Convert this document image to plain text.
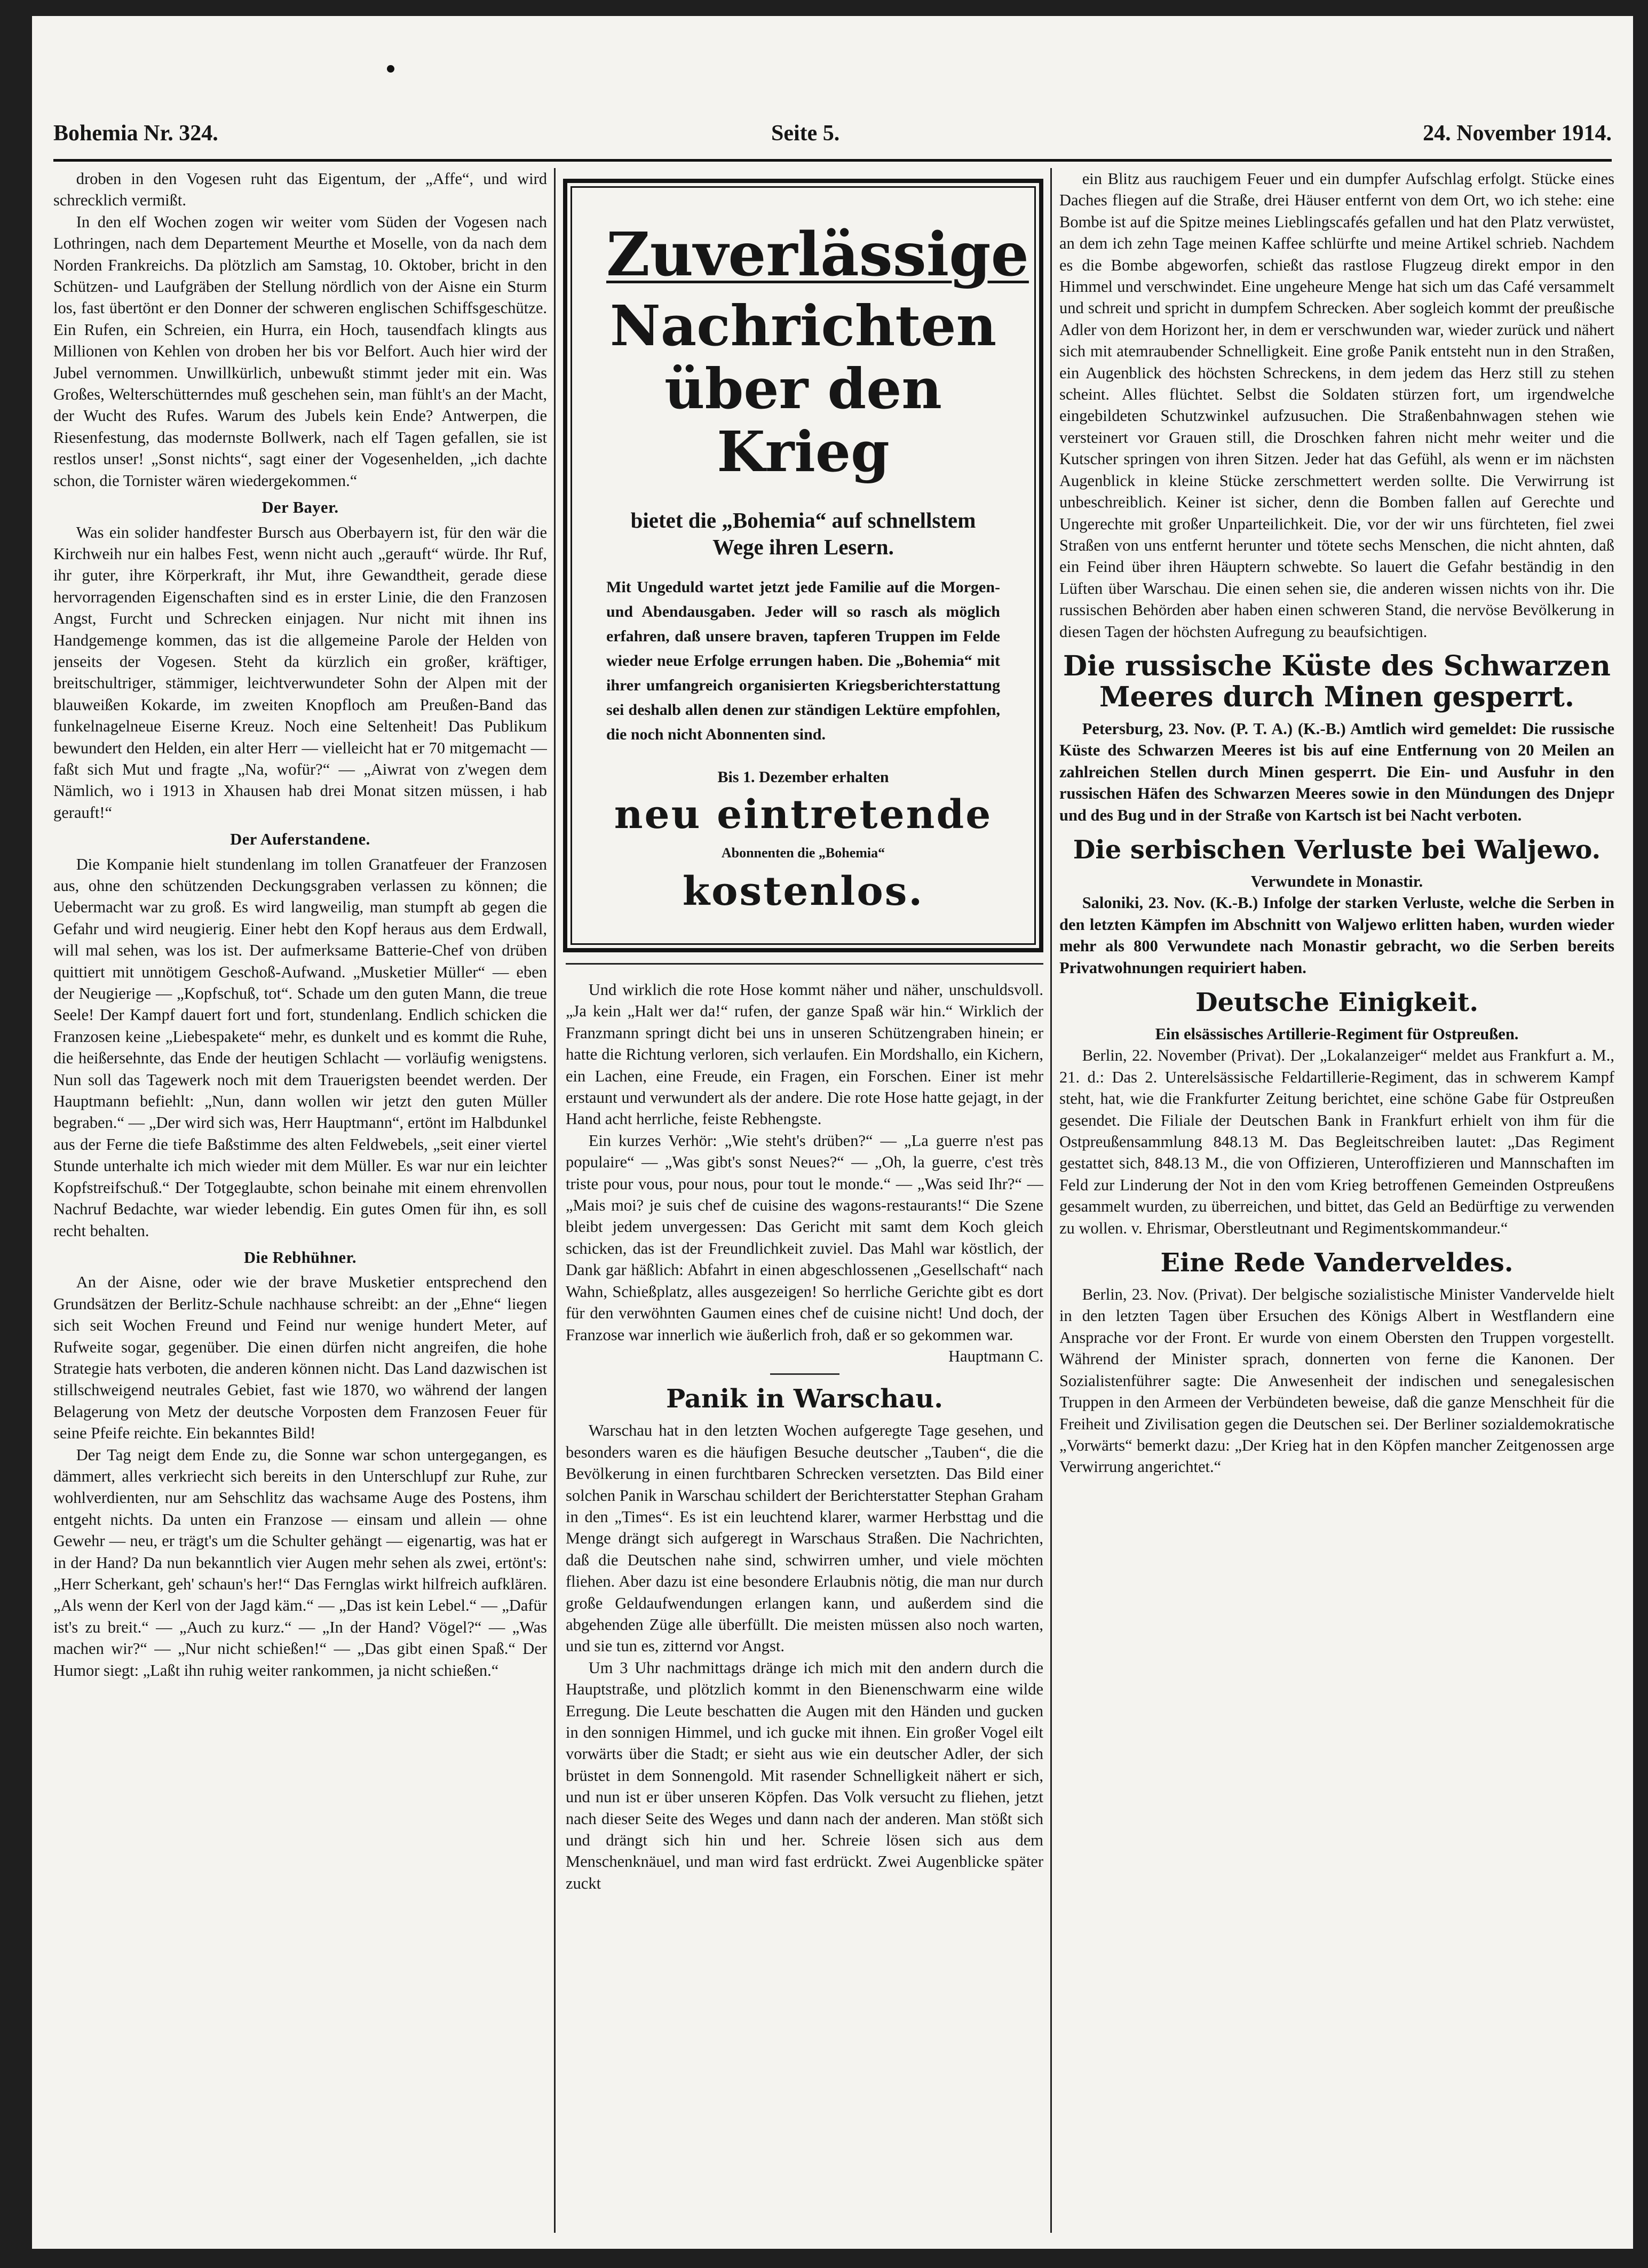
Bohemia Nr. 324.	Seite 5.	24. November 1914.

droben in den Vogesen ruht das Eigentum, der „Affe“, und wird schrecklich vermißt.

In den elf Wochen zogen wir weiter vom Süden der Vogesen nach Lothringen, nach dem Departement Meurthe et Moselle, von da nach dem Norden Frankreichs. Da plötzlich am Samstag, 10. Oktober, bricht in den Schützen- und Laufgräben der Stellung nördlich von der Aisne ein Sturm los, fast übertönt er den Donner der schweren englischen Schiffsgeschütze. Ein Rufen, ein Schreien, ein Hurra, ein Hoch, tausendfach klingts aus Millionen von Kehlen von droben her bis vor Belfort. Auch hier wird der Jubel vernommen. Unwillkürlich, unbewußt stimmt jeder mit ein. Was Großes, Welterschütterndes muß geschehen sein, man fühlt's an der Macht, der Wucht des Rufes. Warum des Jubels kein Ende? Antwerpen, die Riesenfestung, das modernste Bollwerk, nach elf Tagen gefallen, sie ist restlos unser! „Sonst nichts“, sagt einer der Vogesenhelden, „ich dachte schon, die Tornister wären wiedergekommen.“

Der Bayer.

Was ein solider handfester Bursch aus Oberbayern ist, für den wär die Kirchweih nur ein halbes Fest, wenn nicht auch „gerauft“ würde. Ihr Ruf, ihr guter, ihre Körperkraft, ihr Mut, ihre Gewandtheit, gerade diese hervorragenden Eigenschaften sind es in erster Linie, die den Franzosen Angst, Furcht und Schrecken einjagen. Nur nicht mit ihnen ins Handgemenge kommen, das ist die allgemeine Parole der Helden von jenseits der Vogesen. Steht da kürzlich ein großer, kräftiger, breitschultriger, stämmiger, leichtverwundeter Sohn der Alpen mit der blauweißen Kokarde, im zweiten Knopfloch am Preußen-Band das funkelnagelneue Eiserne Kreuz. Noch eine Seltenheit! Das Publikum bewundert den Helden, ein alter Herr — vielleicht hat er 70 mitgemacht — faßt sich Mut und fragte „Na, wofür?“ — „Aiwrat von z'wegen dem Nämlich, wo i 1913 in Xhausen hab drei Monat sitzen müssen, i hab gerauft!“

Der Auferstandene.

Die Kompanie hielt stundenlang im tollen Granatfeuer der Franzosen aus, ohne den schützenden Deckungsgraben verlassen zu können; die Uebermacht war zu groß. Es wird langweilig, man stumpft ab gegen die Gefahr und wird neugierig. Einer hebt den Kopf heraus aus dem Erdwall, will mal sehen, was los ist. Der aufmerksame Batterie-Chef von drüben quittiert mit unnötigem Geschoß-Aufwand. „Musketier Müller“ — eben der Neugierige — „Kopfschuß, tot“. Schade um den guten Mann, die treue Seele! Der Kampf dauert fort und fort, stundenlang. Endlich schicken die Franzosen keine „Liebespakete“ mehr, es dunkelt und es kommt die Ruhe, die heißersehnte, das Ende der heutigen Schlacht — vorläufig wenigstens. Nun soll das Tagewerk noch mit dem Trauerigsten beendet werden. Der Hauptmann befiehlt: „Nun, dann wollen wir jetzt den guten Müller begraben.“ — „Der wird sich was, Herr Hauptmann“, ertönt im Halbdunkel aus der Ferne die tiefe Baßstimme des alten Feldwebels, „seit einer viertel Stunde unterhalte ich mich wieder mit dem Müller. Es war nur ein leichter Kopfstreifschuß.“ Der Totgeglaubte, schon beinahe mit einem ehrenvollen Nachruf Bedachte, war wieder lebendig. Ein gutes Omen für ihn, es soll recht behalten.

Die Rebhühner.

An der Aisne, oder wie der brave Musketier entsprechend den Grundsätzen der Berlitz-Schule nachhause schreibt: an der „Ehne“ liegen sich seit Wochen Freund und Feind nur wenige hundert Meter, auf Rufweite sogar, gegenüber. Die einen dürfen nicht angreifen, die hohe Strategie hats verboten, die anderen können nicht. Das Land dazwischen ist stillschweigend neutrales Gebiet, fast wie 1870, wo während der langen Belagerung von Metz der deutsche Vorposten dem Franzosen Feuer für seine Pfeife reichte. Ein bekanntes Bild!

Der Tag neigt dem Ende zu, die Sonne war schon untergegangen, es dämmert, alles verkriecht sich bereits in den Unterschlupf zur Ruhe, zur wohlverdienten, nur am Sehschlitz das wachsame Auge des Postens, ihm entgeht nichts. Da unten ein Franzose — einsam und allein — ohne Gewehr — neu, er trägt's um die Schulter gehängt — eigenartig, was hat er in der Hand? Da nun bekanntlich vier Augen mehr sehen als zwei, ertönt's: „Herr Scherkant, geh' schaun's her!“ Das Fernglas wirkt hilfreich aufklären. „Als wenn der Kerl von der Jagd käm.“ — „Das ist kein Lebel.“ — „Dafür ist's zu breit.“ — „Auch zu kurz.“ — „In der Hand? Vögel?“ — „Was machen wir?“ — „Nur nicht schießen!“ — „Das gibt einen Spaß.“ Der Humor siegt: „Laßt ihn ruhig weiter rankommen, ja nicht schießen.“

Zuverlässige

Nachrichten über den Krieg

bietet die „Bohemia“ auf schnellstem Wege ihren Lesern.

Mit Ungeduld wartet jetzt jede Familie auf die Morgen- und Abendausgaben. Jeder will so rasch als möglich erfahren, daß unsere braven, tapferen Truppen im Felde wieder neue Erfolge errungen haben. Die „Bohemia“ mit ihrer umfangreich organisierten Kriegsberichterstattung sei deshalb allen denen zur ständigen Lektüre empfohlen, die noch nicht Abonnenten sind.

Bis 1. Dezember erhalten

neu eintretende

Abonnenten die „Bohemia“

kostenlos.

Und wirklich die rote Hose kommt näher und näher, unschuldsvoll. „Ja kein „Halt wer da!“ rufen, der ganze Spaß wär hin.“ Wirklich der Franzmann springt dicht bei uns in unseren Schützengraben hinein; er hatte die Richtung verloren, sich verlaufen. Ein Mordshallo, ein Kichern, ein Lachen, eine Freude, ein Fragen, ein Forschen. Einer ist mehr erstaunt und verwundert als der andere. Die rote Hose hatte gejagt, in der Hand acht herrliche, feiste Rebhengste.

Ein kurzes Verhör: „Wie steht's drüben?“ — „La guerre n'est pas populaire“ — „Was gibt's sonst Neues?“ — „Oh, la guerre, c'est très triste pour vous, pour nous, pour tout le monde.“ — „Was seid Ihr?“ — „Mais moi? je suis chef de cuisine des wagons-restaurants!“ Die Szene bleibt jedem unvergessen: Das Gericht mit samt dem Koch gleich schicken, das ist der Freundlichkeit zuviel. Das Mahl war köstlich, der Dank gar häßlich: Abfahrt in einen abgeschlossenen „Gesellschaft“ nach Wahn, Schießplatz, alles ausgezeigen! So herrliche Gerichte gibt es dort für den verwöhnten Gaumen eines chef de cuisine nicht! Und doch, der Franzose war innerlich wie äußerlich froh, daß er so gekommen war.

Hauptmann C.

Panik in Warschau.

Warschau hat in den letzten Wochen aufgeregte Tage gesehen, und besonders waren es die häufigen Besuche deutscher „Tauben“, die die Bevölkerung in einen furchtbaren Schrecken versetzten. Das Bild einer solchen Panik in Warschau schildert der Berichterstatter Stephan Graham in den „Times“. Es ist ein leuchtend klarer, warmer Herbsttag und die Menge drängt sich aufgeregt in Warschaus Straßen. Die Nachrichten, daß die Deutschen nahe sind, schwirren umher, und viele möchten fliehen. Aber dazu ist eine besondere Erlaubnis nötig, die man nur durch große Geldaufwendungen erlangen kann, und außerdem sind die abgehenden Züge alle überfüllt. Die meisten müssen also noch warten, und sie tun es, zitternd vor Angst.

Um 3 Uhr nachmittags dränge ich mich mit den andern durch die Hauptstraße, und plötzlich kommt in den Bienenschwarm eine wilde Erregung. Die Leute beschatten die Augen mit den Händen und gucken in den sonnigen Himmel, und ich gucke mit ihnen. Ein großer Vogel eilt vorwärts über die Stadt; er sieht aus wie ein deutscher Adler, der sich brüstet in dem Sonnengold. Mit rasender Schnelligkeit nähert er sich, und nun ist er über unseren Köpfen. Das Volk versucht zu fliehen, jetzt nach dieser Seite des Weges und dann nach der anderen. Man stößt sich und drängt sich hin und her. Schreie lösen sich aus dem Menschenknäuel, und man wird fast erdrückt. Zwei Augenblicke später zuckt

ein Blitz aus rauchigem Feuer und ein dumpfer Aufschlag erfolgt. Stücke eines Daches fliegen auf die Straße, drei Häuser entfernt von dem Ort, wo ich stehe: eine Bombe ist auf die Spitze meines Lieblingscafés gefallen und hat den Platz verwüstet, an dem ich zehn Tage meinen Kaffee schlürfte und meine Artikel schrieb. Nachdem es die Bombe abgeworfen, schießt das rastlose Flugzeug direkt empor in den Himmel und verschwindet. Eine ungeheure Menge hat sich um das Café versammelt und schreit und spricht in dumpfem Schrecken. Aber sogleich kommt der preußische Adler von dem Horizont her, in dem er verschwunden war, wieder zurück und nähert sich mit atemraubender Schnelligkeit. Eine große Panik entsteht nun in den Straßen, ein Augenblick des höchsten Schreckens, in dem jedem das Herz still zu stehen scheint. Alles flüchtet. Selbst die Soldaten stürzen fort, um irgendwelche eingebildeten Schutzwinkel aufzusuchen. Die Straßenbahnwagen stehen wie versteinert vor Grauen still, die Droschken fahren nicht mehr weiter und die Kutscher springen von ihren Sitzen. Jeder hat das Gefühl, als wenn er im nächsten Augenblick in kleine Stücke zerschmettert werden sollte. Die Verwirrung ist unbeschreiblich. Keiner ist sicher, denn die Bomben fallen auf Gerechte und Ungerechte mit großer Unparteilichkeit. Die, vor der wir uns fürchteten, fiel zwei Straßen von uns entfernt herunter und tötete sechs Menschen, die nicht ahnten, daß ein Feind über ihren Häuptern schwebte. So lauert die Gefahr beständig in den Lüften über Warschau. Die einen sehen sie, die anderen wissen nichts von ihr. Die russischen Behörden aber haben einen schweren Stand, die nervöse Bevölkerung in diesen Tagen der höchsten Aufregung zu beaufsichtigen.

Die russische Küste des Schwarzen Meeres durch Minen gesperrt.

Petersburg, 23. Nov. (P. T. A.) (K.-B.) Amtlich wird gemeldet: Die russische Küste des Schwarzen Meeres ist bis auf eine Entfernung von 20 Meilen an zahlreichen Stellen durch Minen gesperrt. Die Ein- und Ausfuhr in den russischen Häfen des Schwarzen Meeres sowie in den Mündungen des Dnjepr und des Bug und in der Straße von Kartsch ist bei Nacht verboten.

Die serbischen Verluste bei Waljewo.

Verwundete in Monastir.

Saloniki, 23. Nov. (K.-B.) Infolge der starken Verluste, welche die Serben in den letzten Kämpfen im Abschnitt von Waljewo erlitten haben, wurden wieder mehr als 800 Verwundete nach Monastir gebracht, wo die Serben bereits Privatwohnungen requiriert haben.

Deutsche Einigkeit.

Ein elsässisches Artillerie-Regiment für Ostpreußen.

Berlin, 22. November (Privat). Der „Lokalanzeiger“ meldet aus Frankfurt a. M., 21. d.: Das 2. Unterelsässische Feldartillerie-Regiment, das in schwerem Kampf steht, hat, wie die Frankfurter Zeitung berichtet, eine schöne Gabe für Ostpreußen gesendet. Die Filiale der Deutschen Bank in Frankfurt erhielt von ihm für die Ostpreußensammlung 848.13 M. Das Begleitschreiben lautet: „Das Regiment gestattet sich, 848.13 M., die von Offizieren, Unteroffizieren und Mannschaften im Feld zur Linderung der Not in den vom Krieg betroffenen Gemeinden Ostpreußens gesammelt wurden, zu überreichen, und bittet, das Geld an Bedürftige zu verwenden zu wollen. v. Ehrismar, Oberstleutnant und Regimentskommandeur.“

Eine Rede Vanderveldes.

Berlin, 23. Nov. (Privat). Der belgische sozialistische Minister Vandervelde hielt in den letzten Tagen über Ersuchen des Königs Albert in Westflandern eine Ansprache vor der Front. Er wurde von einem Obersten den Truppen vorgestellt. Während der Minister sprach, donnerten von ferne die Kanonen. Der Sozialistenführer sagte: Die Anwesenheit der indischen und senegalesischen Truppen in den Armeen der Verbündeten beweise, daß die ganze Menschheit für die Freiheit und Zivilisation gegen die Deutschen sei. Der Berliner sozialdemokratische „Vorwärts“ bemerkt dazu: „Der Krieg hat in den Köpfen mancher Zeitgenossen arge Verwirrung angerichtet.“
